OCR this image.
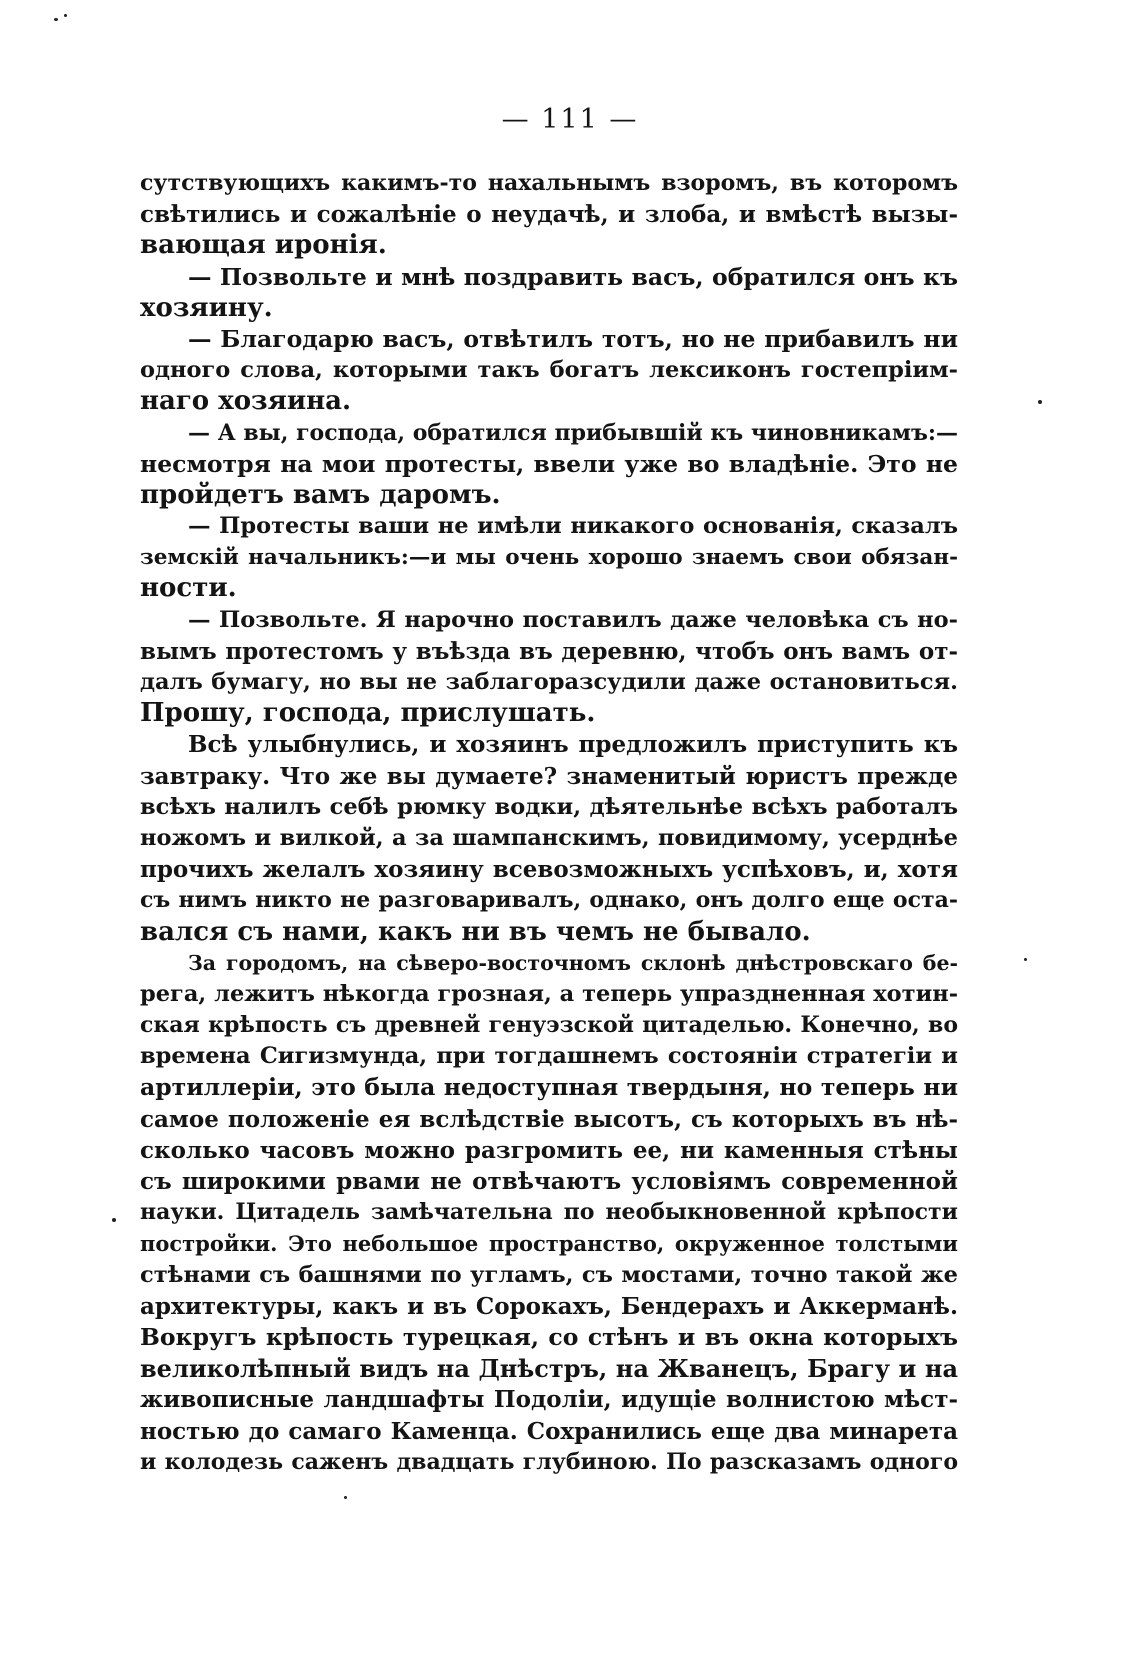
— 111 —
сутствующихъ какимъ-то нахальнымъ взоромъ, въ которомъ
свѣтились и сожалѣніе о неудачѣ, и злоба, и вмѣстѣ вызы-
вающая иронія.
— Позвольте и мнѣ поздравить васъ, обратился онъ къ
хозяину.
— Благодарю васъ, отвѣтилъ тотъ, но не прибавилъ ни
одного слова, которыми такъ богатъ лексиконъ гостепріим-
наго хозяина.
— А вы, господа, обратился прибывшій къ чиновникамъ:—
несмотря на мои протесты, ввели уже во владѣніе. Это не
пройдетъ вамъ даромъ.
— Протесты ваши не имѣли никакого основанія, сказалъ
земскій начальникъ:—и мы очень хорошо знаемъ свои обязан-
ности.
— Позвольте. Я нарочно поставилъ даже человѣка съ но-
вымъ протестомъ у въѣзда въ деревню, чтобъ онъ вамъ от-
далъ бумагу, но вы не заблагоразсудили даже остановиться.
Прошу, господа, прислушать.
Всѣ улыбнулись, и хозяинъ предложилъ приступить къ
завтраку. Что же вы думаете? знаменитый юристъ прежде
всѣхъ налилъ себѣ рюмку водки, дѣятельнѣе всѣхъ работалъ
ножомъ и вилкой, а за шампанскимъ, повидимому, усерднѣе
прочихъ желалъ хозяину всевозможныхъ успѣховъ, и, хотя
съ нимъ никто не разговаривалъ, однако, онъ долго еще оста-
вался съ нами, какъ ни въ чемъ не бывало.
За городомъ, на сѣверо-восточномъ склонѣ днѣстровскаго бе-
рега, лежитъ нѣкогда грозная, а теперь упраздненная хотин-
ская крѣпость съ древней генуэзской цитаделью. Конечно, во
времена Сигизмунда, при тогдашнемъ состояніи стратегіи и
артиллеріи, это была недоступная твердыня, но теперь ни
самое положеніе ея вслѣдствіе высотъ, съ которыхъ въ нѣ-
сколько часовъ можно разгромить ее, ни каменныя стѣны
съ широкими рвами не отвѣчаютъ условіямъ современной
науки. Цитадель замѣчательна по необыкновенной крѣпости
постройки. Это небольшое пространство, окруженное толстыми
стѣнами съ башнями по угламъ, съ мостами, точно такой же
архитектуры, какъ и въ Сорокахъ, Бендерахъ и Аккерманѣ.
Вокругъ крѣпость турецкая, со стѣнъ и въ окна которыхъ
великолѣпный видъ на Днѣстръ, на Жванецъ, Брагу и на
живописные ландшафты Подоліи, идущіе волнистою мѣст-
ностью до самаго Каменца. Сохранились еще два минарета
и колодезь саженъ двадцать глубиною. По разсказамъ одного
